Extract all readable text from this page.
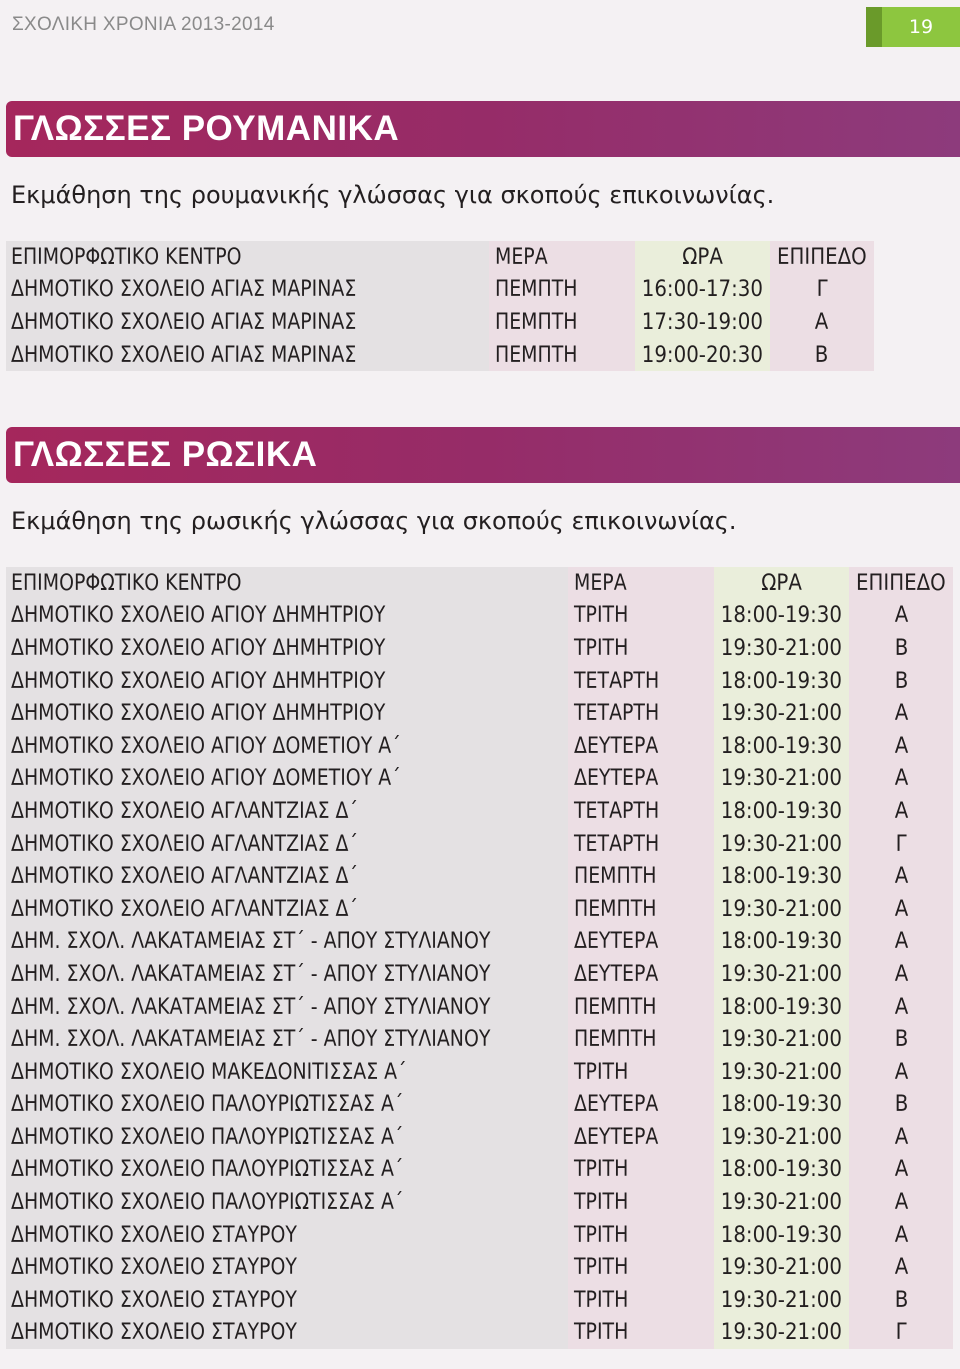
ΣΧΟΛΙΚΗ ΧΡΟΝΙΑ 2013-2014	19
ΓΛΩΣΣΕΣ ΡΟΥΜΑΝΙΚΑ
Εκμάθηση της ρουμανικής γλώσσας για σκοπούς επικοινωνίας.
ΕΠΙΜΟΡΦΩΤΙΚΟ ΚΕΝΤΡΟ	ΜΕΡΑ	ΩΡΑ	ΕΠΙΠΕΔΟ
ΔΗΜΟΤΙΚΟ ΣΧΟΛΕΙΟ ΑΓΙΑΣ ΜΑΡΙΝΑΣ	ΠΕΜΠΤΗ	16:00-17:30	Γ
ΔΗΜΟΤΙΚΟ ΣΧΟΛΕΙΟ ΑΓΙΑΣ ΜΑΡΙΝΑΣ	ΠΕΜΠΤΗ	17:30-19:00	Α
ΔΗΜΟΤΙΚΟ ΣΧΟΛΕΙΟ ΑΓΙΑΣ ΜΑΡΙΝΑΣ	ΠΕΜΠΤΗ	19:00-20:30	Β
ΓΛΩΣΣΕΣ ΡΩΣΙΚΑ
Εκμάθηση της ρωσικής γλώσσας για σκοπούς επικοινωνίας.
ΕΠΙΜΟΡΦΩΤΙΚΟ ΚΕΝΤΡΟ	ΜΕΡΑ	ΩΡΑ	ΕΠΙΠΕΔΟ
ΔΗΜΟΤΙΚΟ ΣΧΟΛΕΙΟ ΑΓΙΟΥ ΔΗΜΗΤΡΙΟΥ	ΤΡΙΤΗ	18:00-19:30	Α
ΔΗΜΟΤΙΚΟ ΣΧΟΛΕΙΟ ΑΓΙΟΥ ΔΗΜΗΤΡΙΟΥ	ΤΡΙΤΗ	19:30-21:00	Β
ΔΗΜΟΤΙΚΟ ΣΧΟΛΕΙΟ ΑΓΙΟΥ ΔΗΜΗΤΡΙΟΥ	ΤΕΤΑΡΤΗ	18:00-19:30	Β
ΔΗΜΟΤΙΚΟ ΣΧΟΛΕΙΟ ΑΓΙΟΥ ΔΗΜΗΤΡΙΟΥ	ΤΕΤΑΡΤΗ	19:30-21:00	Α
ΔΗΜΟΤΙΚΟ ΣΧΟΛΕΙΟ ΑΓΙΟΥ ΔΟΜΕΤΙΟΥ Α΄	ΔΕΥΤΕΡΑ	18:00-19:30	Α
ΔΗΜΟΤΙΚΟ ΣΧΟΛΕΙΟ ΑΓΙΟΥ ΔΟΜΕΤΙΟΥ Α΄	ΔΕΥΤΕΡΑ	19:30-21:00	Α
ΔΗΜΟΤΙΚΟ ΣΧΟΛΕΙΟ ΑΓΛΑΝΤΖΙΑΣ Δ΄	ΤΕΤΑΡΤΗ	18:00-19:30	Α
ΔΗΜΟΤΙΚΟ ΣΧΟΛΕΙΟ ΑΓΛΑΝΤΖΙΑΣ Δ΄	ΤΕΤΑΡΤΗ	19:30-21:00	Γ
ΔΗΜΟΤΙΚΟ ΣΧΟΛΕΙΟ ΑΓΛΑΝΤΖΙΑΣ Δ΄	ΠΕΜΠΤΗ	18:00-19:30	Α
ΔΗΜΟΤΙΚΟ ΣΧΟΛΕΙΟ ΑΓΛΑΝΤΖΙΑΣ Δ΄	ΠΕΜΠΤΗ	19:30-21:00	Α
ΔΗΜ. ΣΧΟΛ. ΛΑΚΑΤΑΜΕΙΑΣ ΣΤ΄ - ΑΠΟΥ ΣΤΥΛΙΑΝΟΥ	ΔΕΥΤΕΡΑ	18:00-19:30	Α
ΔΗΜ. ΣΧΟΛ. ΛΑΚΑΤΑΜΕΙΑΣ ΣΤ΄ - ΑΠΟΥ ΣΤΥΛΙΑΝΟΥ	ΔΕΥΤΕΡΑ	19:30-21:00	Α
ΔΗΜ. ΣΧΟΛ. ΛΑΚΑΤΑΜΕΙΑΣ ΣΤ΄ - ΑΠΟΥ ΣΤΥΛΙΑΝΟΥ	ΠΕΜΠΤΗ	18:00-19:30	Α
ΔΗΜ. ΣΧΟΛ. ΛΑΚΑΤΑΜΕΙΑΣ ΣΤ΄ - ΑΠΟΥ ΣΤΥΛΙΑΝΟΥ	ΠΕΜΠΤΗ	19:30-21:00	Β
ΔΗΜΟΤΙΚΟ ΣΧΟΛΕΙΟ ΜΑΚΕΔΟΝΙΤΙΣΣΑΣ Α΄	ΤΡΙΤΗ	19:30-21:00	Α
ΔΗΜΟΤΙΚΟ ΣΧΟΛΕΙΟ ΠΑΛΟΥΡΙΩΤΙΣΣΑΣ Α΄	ΔΕΥΤΕΡΑ	18:00-19:30	Β
ΔΗΜΟΤΙΚΟ ΣΧΟΛΕΙΟ ΠΑΛΟΥΡΙΩΤΙΣΣΑΣ Α΄	ΔΕΥΤΕΡΑ	19:30-21:00	Α
ΔΗΜΟΤΙΚΟ ΣΧΟΛΕΙΟ ΠΑΛΟΥΡΙΩΤΙΣΣΑΣ Α΄	ΤΡΙΤΗ	18:00-19:30	Α
ΔΗΜΟΤΙΚΟ ΣΧΟΛΕΙΟ ΠΑΛΟΥΡΙΩΤΙΣΣΑΣ Α΄	ΤΡΙΤΗ	19:30-21:00	Α
ΔΗΜΟΤΙΚΟ ΣΧΟΛΕΙΟ ΣΤΑΥΡΟΥ	ΤΡΙΤΗ	18:00-19:30	Α
ΔΗΜΟΤΙΚΟ ΣΧΟΛΕΙΟ ΣΤΑΥΡΟΥ	ΤΡΙΤΗ	19:30-21:00	Α
ΔΗΜΟΤΙΚΟ ΣΧΟΛΕΙΟ ΣΤΑΥΡΟΥ	ΤΡΙΤΗ	19:30-21:00	Β
ΔΗΜΟΤΙΚΟ ΣΧΟΛΕΙΟ ΣΤΑΥΡΟΥ	ΤΡΙΤΗ	19:30-21:00	Γ
